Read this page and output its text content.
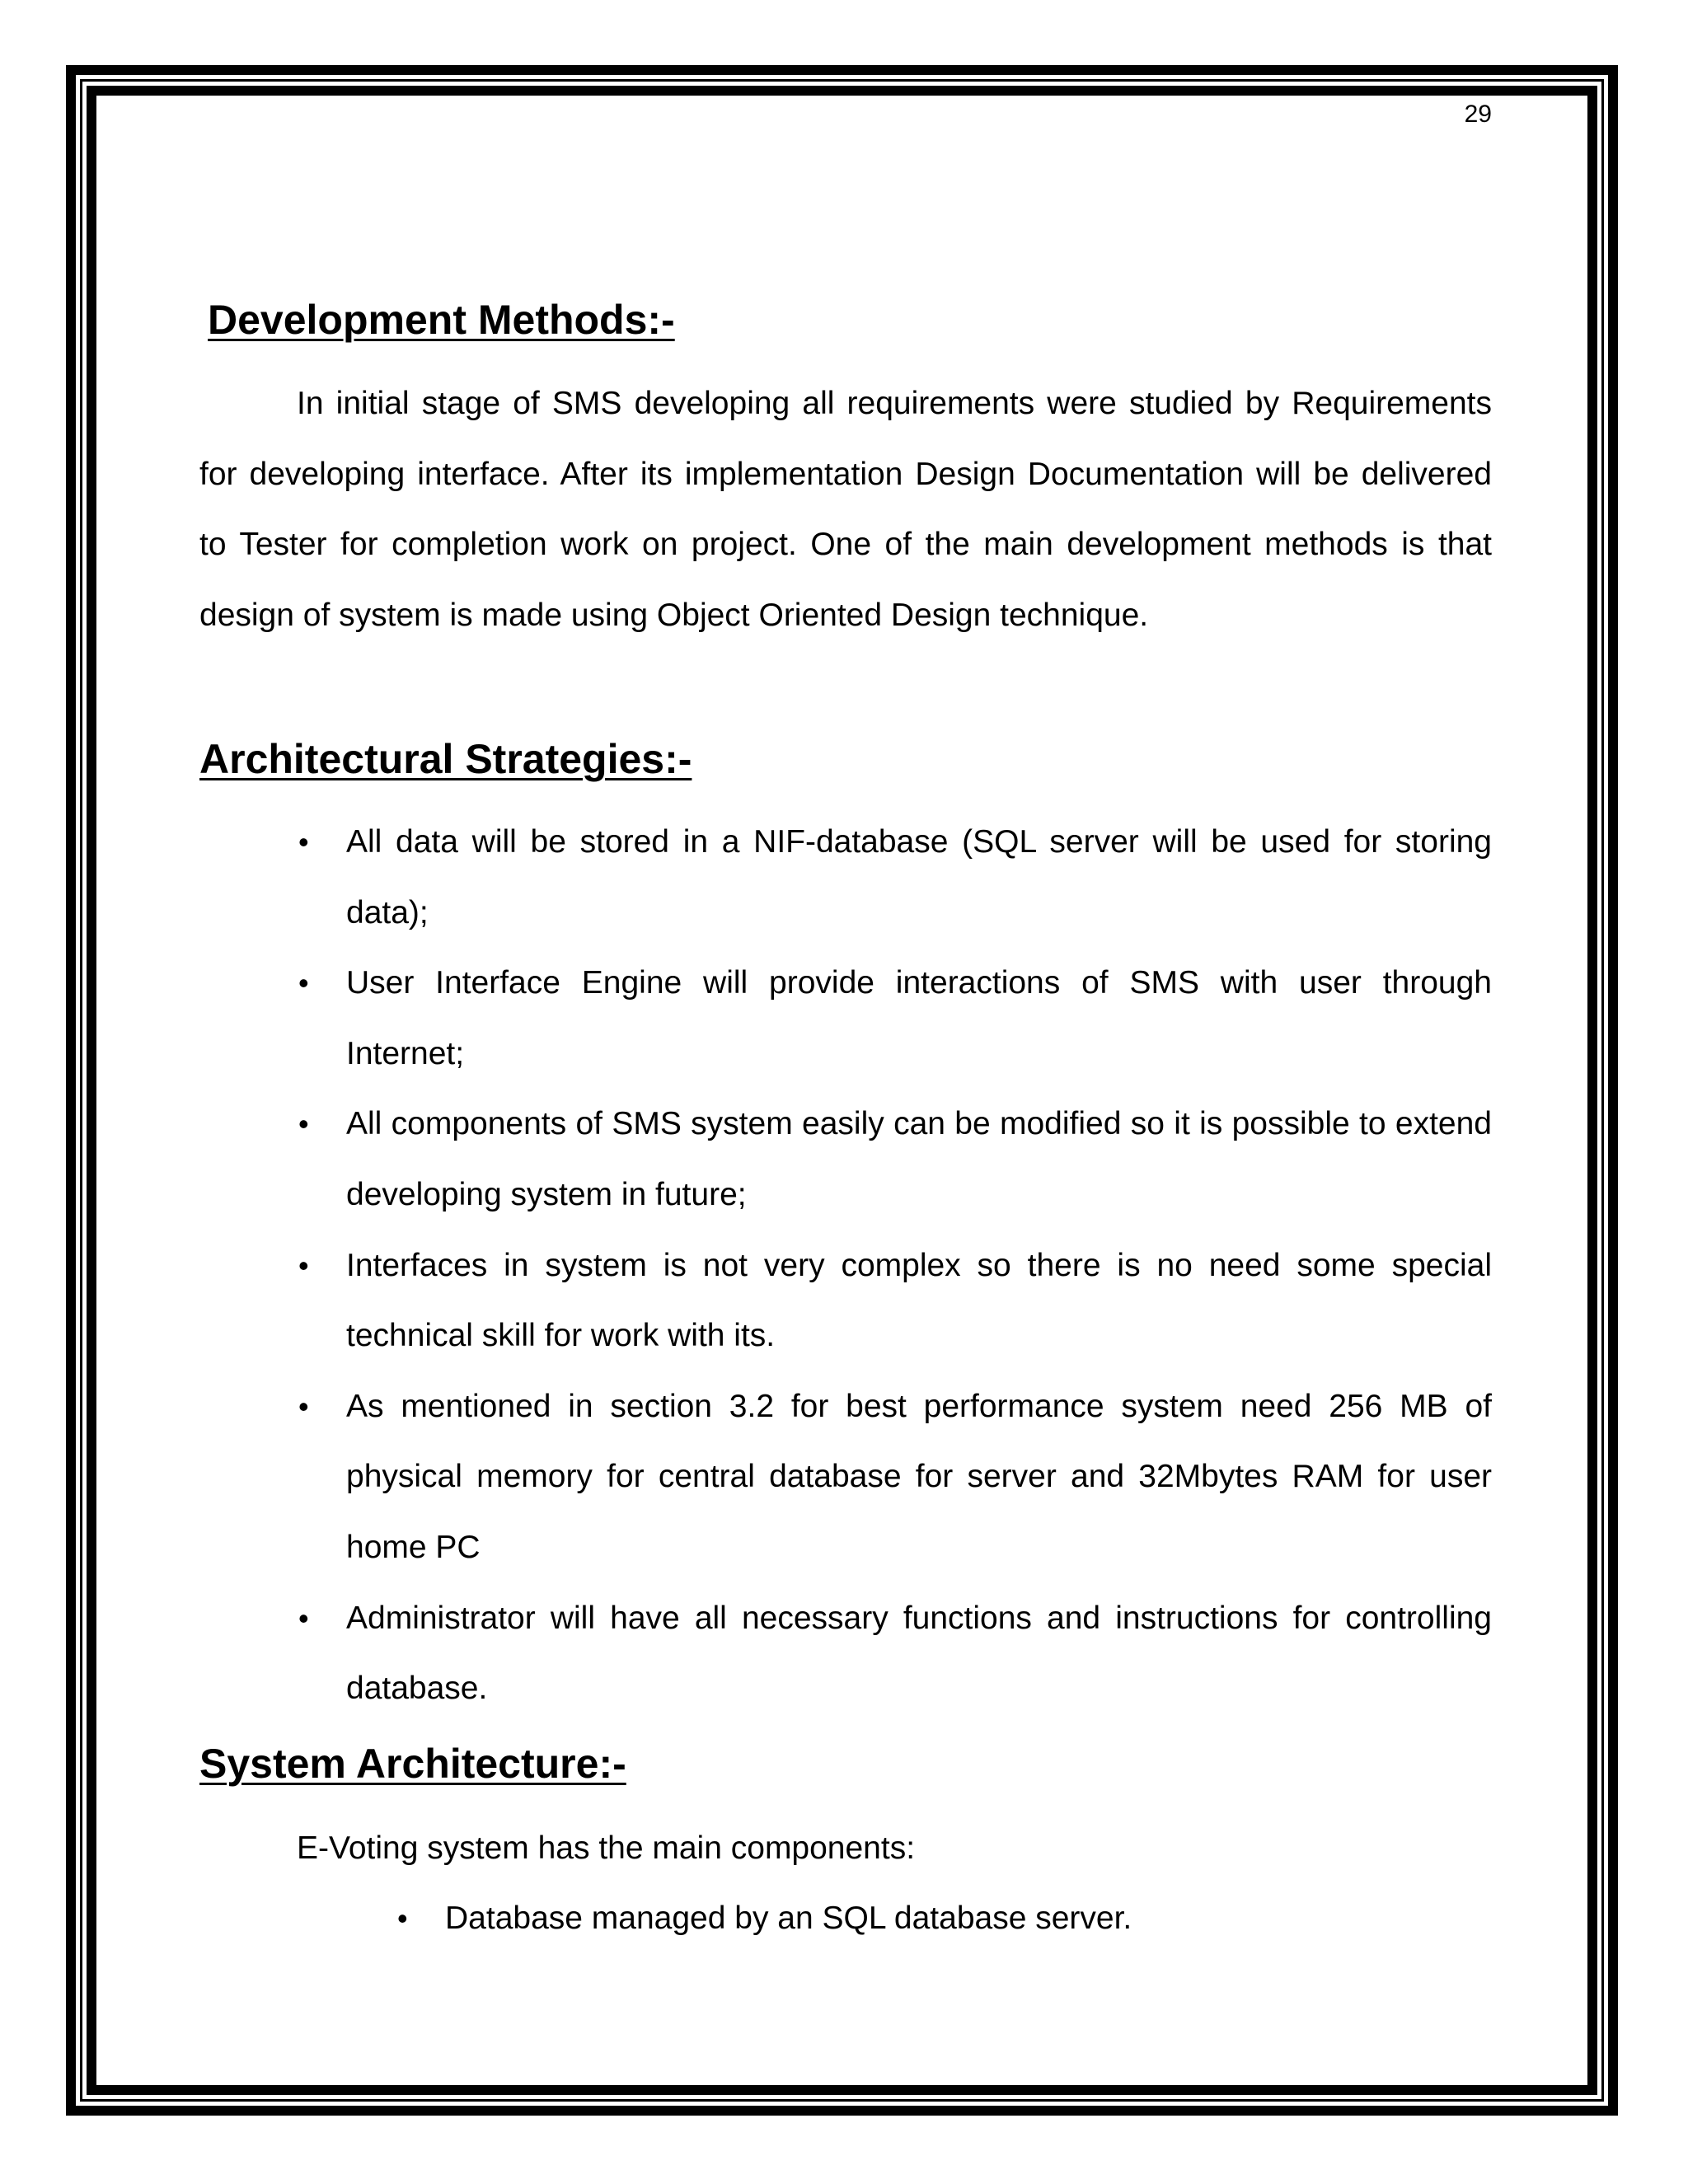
29
Development Methods:-

In initial stage of SMS developing all requirements were studied by Requirements for developing interface. After its implementation Design Documentation will be delivered to Tester for completion work on project. One of the main development methods is that design of system is made using Object Oriented Design technique.

Architectural Strategies:-
• All data will be stored in a NIF-database (SQL server will be used for storing data);
• User Interface Engine will provide interactions of SMS with user through Internet;
• All components of SMS system easily can be modified so it is possible to extend developing system in future;
• Interfaces in system is not very complex so there is no need some special technical skill for work with its.
• As mentioned in section 3.2 for best performance system need 256 MB of physical memory for central database for server and 32Mbytes RAM for user home PC
• Administrator will have all necessary functions and instructions for controlling database.
System Architecture:-
E-Voting system has the main components:
• Database managed by an SQL database server.
